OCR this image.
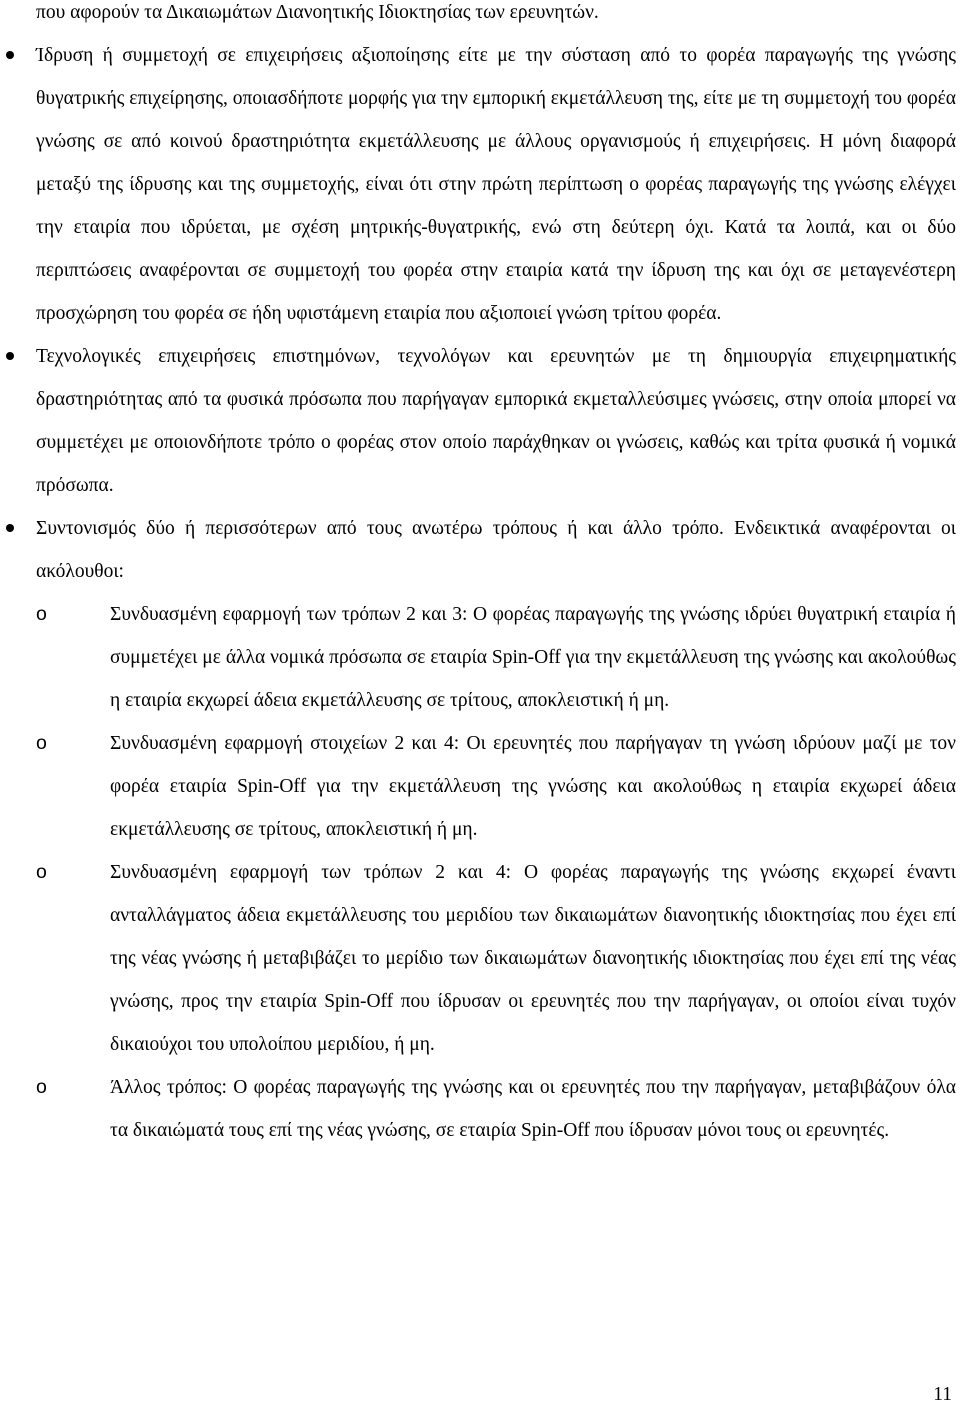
που αφορούν τα Δικαιωμάτων Διανοητικής Ιδιοκτησίας των ερευνητών.

Ίδρυση ή συμμετοχή σε επιχειρήσεις αξιοποίησης είτε με την σύσταση από το φορέα παραγωγής της γνώσης θυγατρικής επιχείρησης, οποιασδήποτε μορφής για την εμπορική εκμετάλλευση της, είτε με τη συμμετοχή του φορέα γνώσης σε από κοινού δραστηριότητα εκμετάλλευσης με άλλους οργανισμούς ή επιχειρήσεις. Η μόνη διαφορά μεταξύ της ίδρυσης και της συμμετοχής, είναι ότι στην πρώτη περίπτωση ο φορέας παραγωγής της γνώσης ελέγχει την εταιρία που ιδρύεται, με σχέση μητρικής-θυγατρικής, ενώ στη δεύτερη όχι. Κατά τα λοιπά, και οι δύο περιπτώσεις αναφέρονται σε συμμετοχή του φορέα στην εταιρία κατά την ίδρυση της και όχι σε μεταγενέστερη προσχώρηση του φορέα σε ήδη υφιστάμενη εταιρία που αξιοποιεί γνώση τρίτου φορέα.

Τεχνολογικές επιχειρήσεις επιστημόνων, τεχνολόγων και ερευνητών με τη δημιουργία επιχειρηματικής δραστηριότητας από τα φυσικά πρόσωπα που παρήγαγαν εμπορικά εκμεταλλεύσιμες γνώσεις, στην οποία μπορεί να συμμετέχει με οποιονδήποτε τρόπο ο φορέας στον οποίο παράχθηκαν οι γνώσεις, καθώς και τρίτα φυσικά ή νομικά πρόσωπα.

Συντονισμός δύο ή περισσότερων από τους ανωτέρω τρόπους ή και άλλο τρόπο. Ενδεικτικά αναφέρονται οι ακόλουθοι:

o	Συνδυασμένη εφαρμογή των τρόπων 2 και 3: Ο φορέας παραγωγής της γνώσης ιδρύει θυγατρική εταιρία ή συμμετέχει με άλλα νομικά πρόσωπα σε εταιρία Spin-Off για την εκμετάλλευση της γνώσης και ακολούθως η εταιρία εκχωρεί άδεια εκμετάλλευσης σε τρίτους, αποκλειστική ή μη.

o	Συνδυασμένη εφαρμογή στοιχείων 2 και 4: Οι ερευνητές που παρήγαγαν τη γνώση ιδρύουν μαζί με τον φορέα εταιρία Spin-Off για την εκμετάλλευση της γνώσης και ακολούθως η εταιρία εκχωρεί άδεια εκμετάλλευσης σε τρίτους, αποκλειστική ή μη.

o	Συνδυασμένη εφαρμογή των τρόπων 2 και 4: Ο φορέας παραγωγής της γνώσης εκχωρεί έναντι ανταλλάγματος άδεια εκμετάλλευσης του μεριδίου των δικαιωμάτων διανοητικής ιδιοκτησίας που έχει επί της νέας γνώσης ή μεταβιβάζει το μερίδιο των δικαιωμάτων διανοητικής ιδιοκτησίας που έχει επί της νέας γνώσης, προς την εταιρία Spin-Off που ίδρυσαν οι ερευνητές που την παρήγαγαν, οι οποίοι είναι τυχόν δικαιούχοι του υπολοίπου μεριδίου, ή μη.

o	Άλλος τρόπος: Ο φορέας παραγωγής της γνώσης και οι ερευνητές που την παρήγαγαν, μεταβιβάζουν όλα τα δικαιώματά τους επί της νέας γνώσης, σε εταιρία Spin-Off που ίδρυσαν μόνοι τους οι ερευνητές.

11
